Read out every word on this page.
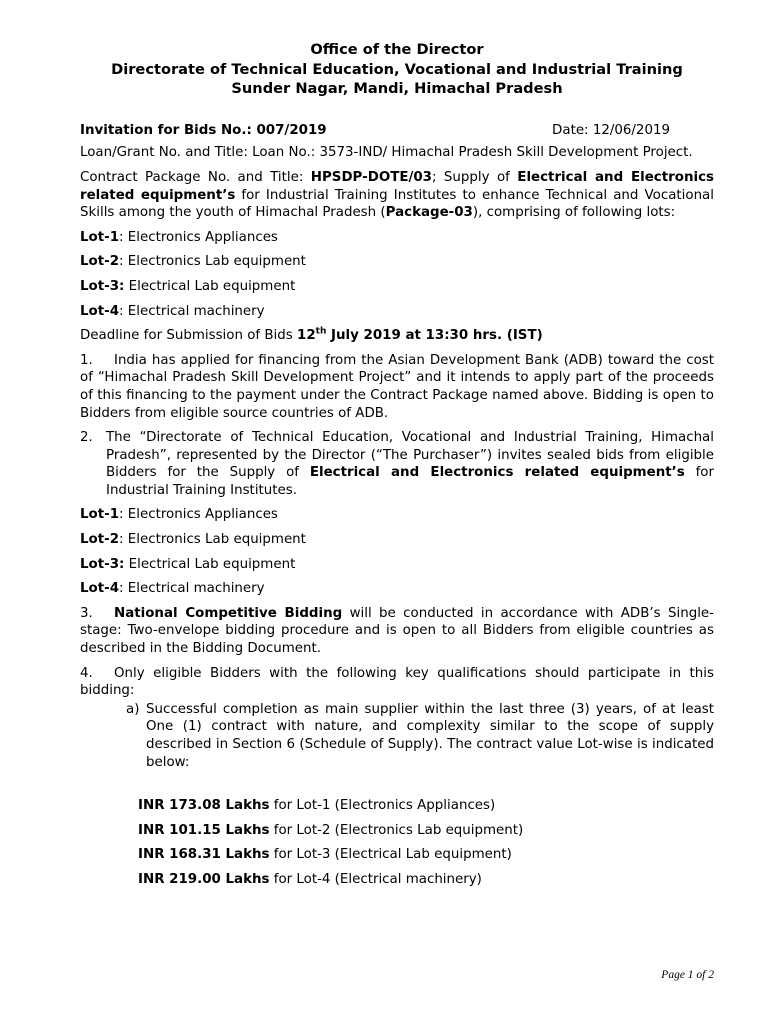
Office of the Director
Directorate of Technical Education, Vocational and Industrial Training
Sunder Nagar, Mandi, Himachal Pradesh
Invitation for Bids No.: 007/2019	Date: 12/06/2019

Loan/Grant No. and Title: Loan No.: 3573-IND/ Himachal Pradesh Skill Development Project.

Contract Package No. and Title: HPSDP-DOTE/03; Supply of Electrical and Electronics related equipment’s for Industrial Training Institutes to enhance Technical and Vocational Skills among the youth of Himachal Pradesh (Package-03), comprising of following lots:

Lot-1: Electronics Appliances

Lot-2: Electronics Lab equipment

Lot-3: Electrical Lab equipment

Lot-4: Electrical machinery

Deadline for Submission of Bids 12th July 2019 at 13:30 hrs. (IST)

1. India has applied for financing from the Asian Development Bank (ADB) toward the cost of “Himachal Pradesh Skill Development Project” and it intends to apply part of the proceeds of this financing to the payment under the Contract Package named above. Bidding is open to Bidders from eligible source countries of ADB.

2. The “Directorate of Technical Education, Vocational and Industrial Training, Himachal Pradesh”, represented by the Director (“The Purchaser”) invites sealed bids from eligible Bidders for the Supply of Electrical and Electronics related equipment’s for Industrial Training Institutes.

Lot-1: Electronics Appliances

Lot-2: Electronics Lab equipment

Lot-3: Electrical Lab equipment

Lot-4: Electrical machinery

3. National Competitive Bidding will be conducted in accordance with ADB’s Single-stage: Two-envelope bidding procedure and is open to all Bidders from eligible countries as described in the Bidding Document.

4. Only eligible Bidders with the following key qualifications should participate in this bidding:

a) Successful completion as main supplier within the last three (3) years, of at least One (1) contract with nature, and complexity similar to the scope of supply described in Section 6 (Schedule of Supply). The contract value Lot-wise is indicated below:

INR 173.08 Lakhs for Lot-1 (Electronics Appliances)

INR 101.15 Lakhs for Lot-2 (Electronics Lab equipment)

INR 168.31 Lakhs for Lot-3 (Electrical Lab equipment)

INR 219.00 Lakhs for Lot-4 (Electrical machinery)

Page 1 of 2
